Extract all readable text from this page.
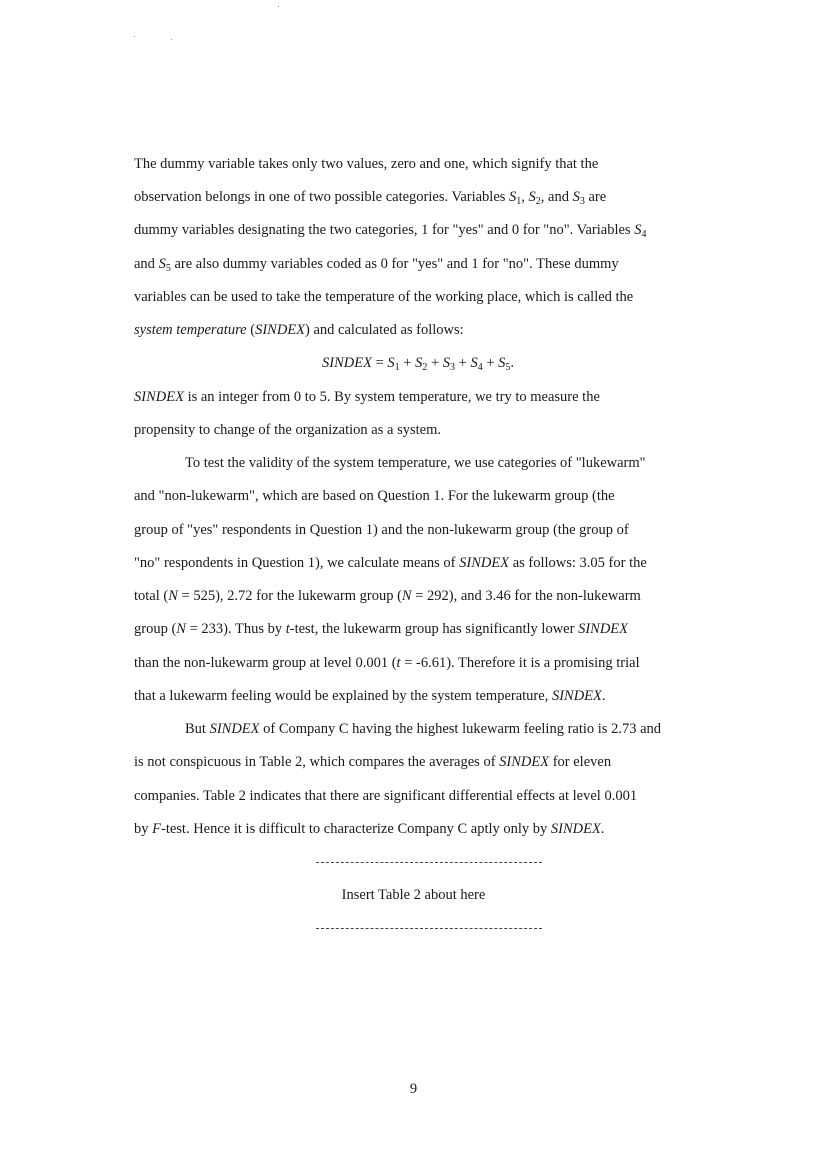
The dummy variable takes only two values, zero and one, which signify that the
observation belongs in one of two possible categories. Variables $S_1$, $S_2$, and $S_3$ are
dummy variables designating the two categories, 1 for "yes" and 0 for "no". Variables $S_4$
and $S_5$ are also dummy variables coded as 0 for "yes" and 1 for "no". These dummy
variables can be used to take the temperature of the working place, which is called the
system temperature (SINDEX) and calculated as follows:
SINDEX = $S_1 + S_2 + S_3 + S_4 + S_5$.
SINDEX is an integer from 0 to 5. By system temperature, we try to measure the
propensity to change of the organization as a system.
To test the validity of the system temperature, we use categories of "lukewarm"
and "non-lukewarm", which are based on Question 1. For the lukewarm group (the
group of "yes" respondents in Question 1) and the non-lukewarm group (the group of
"no" respondents in Question 1), we calculate means of SINDEX as follows: 3.05 for the
total (N = 525), 2.72 for the lukewarm group (N = 292), and 3.46 for the non-lukewarm
group (N = 233). Thus by t-test, the lukewarm group has significantly lower SINDEX
than the non-lukewarm group at level 0.001 (t = -6.61). Therefore it is a promising trial
that a lukewarm feeling would be explained by the system temperature, SINDEX.
But SINDEX of Company C having the highest lukewarm feeling ratio is 2.73 and
is not conspicuous in Table 2, which compares the averages of SINDEX for eleven
companies. Table 2 indicates that there are significant differential effects at level 0.001
by F-test. Hence it is difficult to characterize Company C aptly only by SINDEX.
Insert Table 2 about here
9
